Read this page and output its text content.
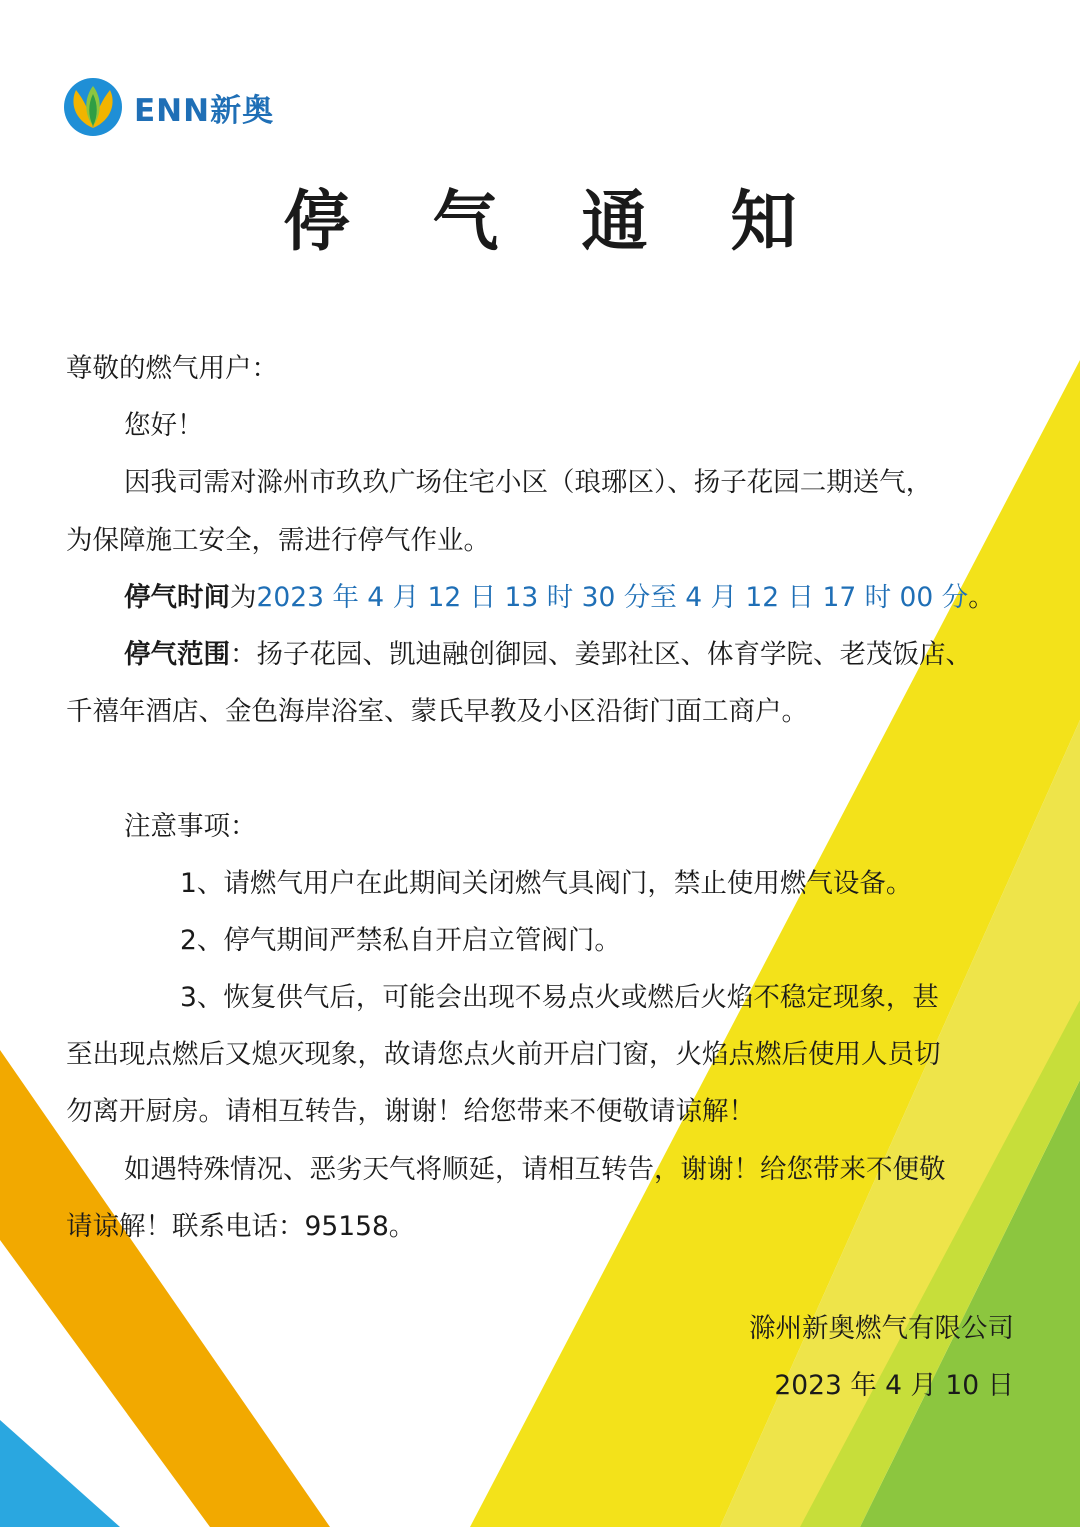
ENN新奥
停 气 通 知
尊敬的燃气用户：
您好！
因我司需对滁州市玖玖广场住宅小区（琅琊区）、扬子花园二期送气，
为保障施工安全，需进行停气作业。
停气时间为2023 年 4 月 12 日 13 时 30 分至 4 月 12 日 17 时 00 分。
停气范围：扬子花园、凯迪融创御园、姜郢社区、体育学院、老茂饭店、
千禧年酒店、金色海岸浴室、蒙氏早教及小区沿街门面工商户。
注意事项：
1、请燃气用户在此期间关闭燃气具阀门，禁止使用燃气设备。
2、停气期间严禁私自开启立管阀门。
3、恢复供气后，可能会出现不易点火或燃后火焰不稳定现象，甚
至出现点燃后又熄灭现象，故请您点火前开启门窗，火焰点燃后使用人员切
勿离开厨房。请相互转告，谢谢！给您带来不便敬请谅解！
如遇特殊情况、恶劣天气将顺延，请相互转告，谢谢！给您带来不便敬
请谅解！联系电话：95158。
滁州新奥燃气有限公司
2023 年 4 月 10 日
